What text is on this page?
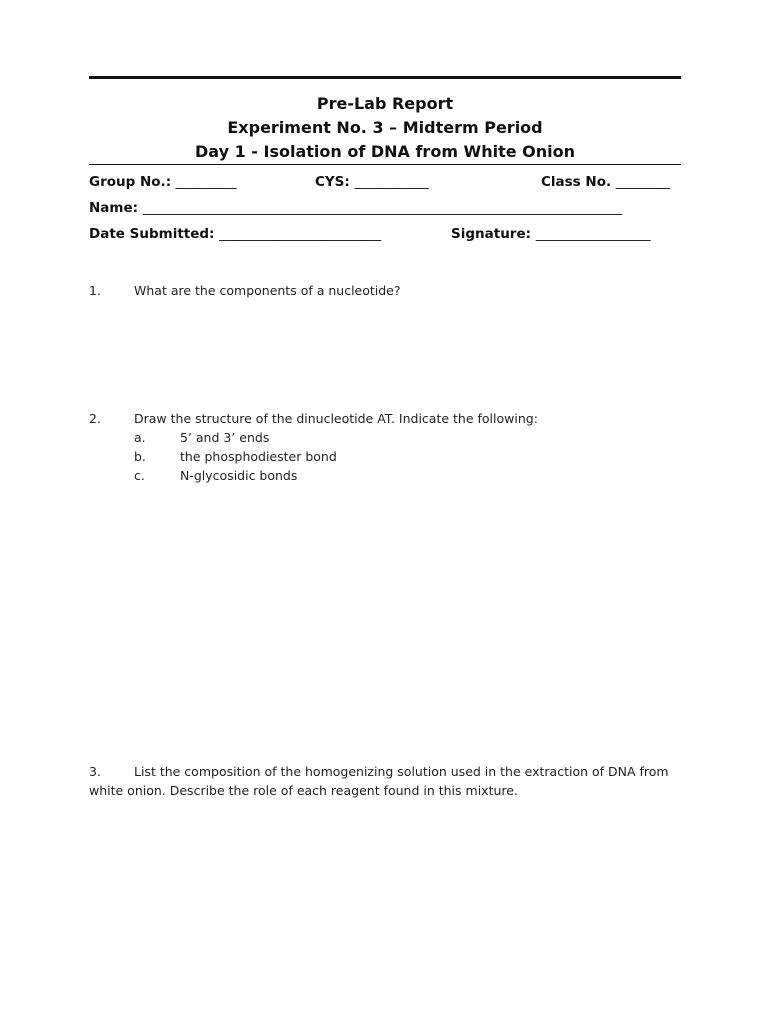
Pre-Lab Report
Experiment No. 3 – Midterm Period
Day 1 - Isolation of DNA from White Onion
Group No.: _________	CYS: ___________	Class No. ________
Name: _______________________________________________________________________
Date Submitted: ________________________	Signature: _________________
1.	What are the components of a nucleotide?
2.	Draw the structure of the dinucleotide AT. Indicate the following:
a.	5’ and 3’ ends
b.	the phosphodiester bond
c.	N-glycosidic bonds
3.	List the composition of the homogenizing solution used in the extraction of DNA from
white onion. Describe the role of each reagent found in this mixture.
